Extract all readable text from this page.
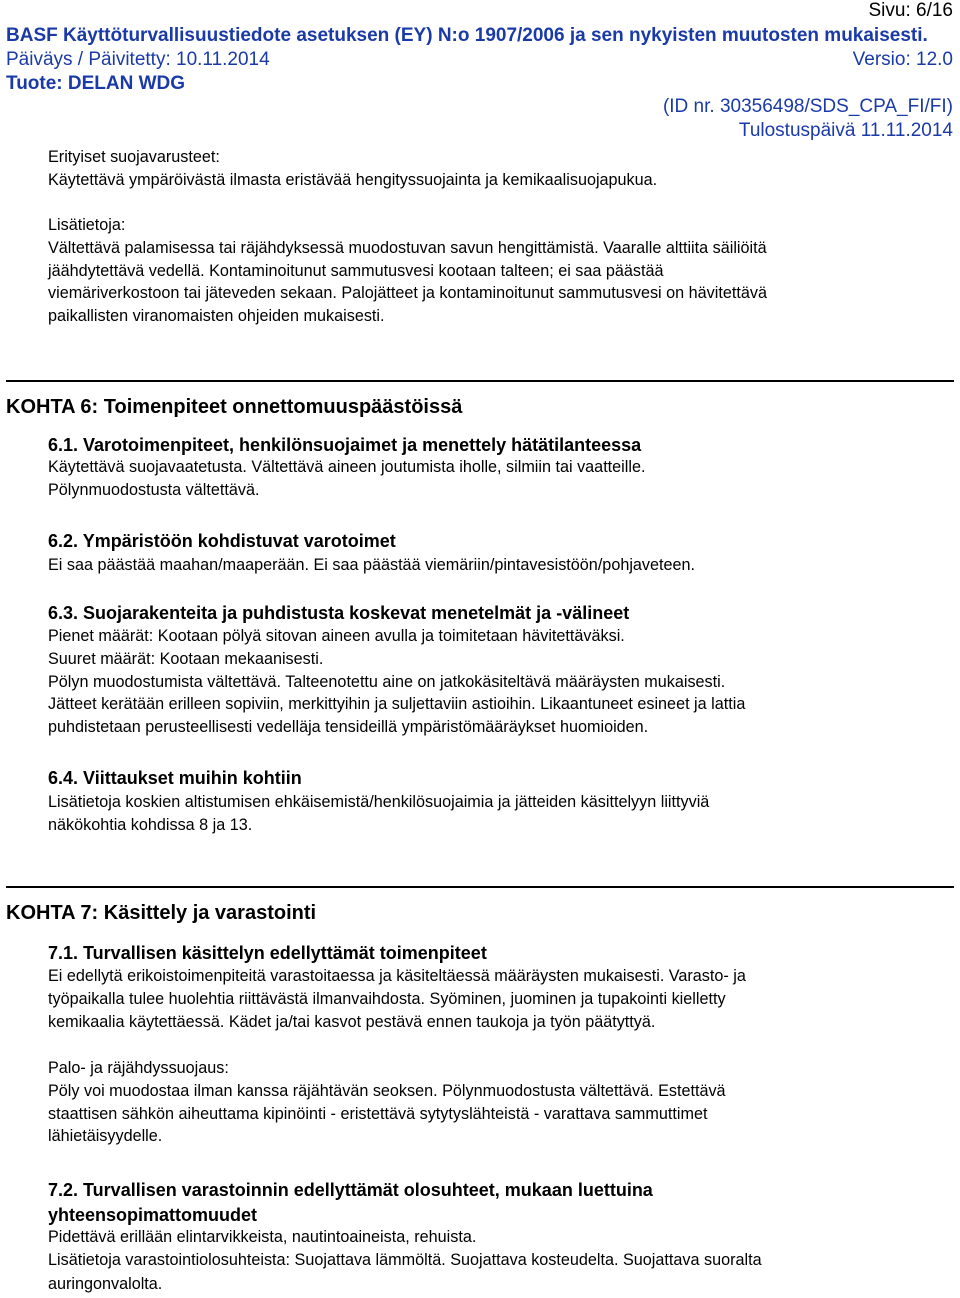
Sivu: 6/16
BASF Käyttöturvallisuustiedote asetuksen (EY) N:o 1907/2006 ja sen nykyisten muutosten mukaisesti.
Päiväys / Päivitetty: 10.11.2014	Versio: 12.0
Tuote: DELAN WDG
(ID nr. 30356498/SDS_CPA_FI/FI)
Tulostuspäivä 11.11.2014
Erityiset suojavarusteet:
Käytettävä ympäröivästä ilmasta eristävää hengityssuojainta ja kemikaalisuojapukua.
Lisätietoja:
Vältettävä palamisessa tai räjähdyksessä muodostuvan savun hengittämistä. Vaaralle alttiita säiliöitä
jäähdytettävä vedellä. Kontaminoitunut sammutusvesi kootaan talteen; ei saa päästää
viemäriverkostoon tai jäteveden sekaan. Palojätteet ja kontaminoitunut sammutusvesi on hävitettävä
paikallisten viranomaisten ohjeiden mukaisesti.
KOHTA 6: Toimenpiteet onnettomuuspäästöissä
6.1. Varotoimenpiteet, henkilönsuojaimet ja menettely hätätilanteessa
Käytettävä suojavaatetusta. Vältettävä aineen joutumista iholle, silmiin tai vaatteille.
Pölynmuodostusta vältettävä.
6.2. Ympäristöön kohdistuvat varotoimet
Ei saa päästää maahan/maaperään. Ei saa päästää viemäriin/pintavesistöön/pohjaveteen.
6.3. Suojarakenteita ja puhdistusta koskevat menetelmät ja -välineet
Pienet määrät: Kootaan pölyä sitovan aineen avulla ja toimitetaan hävitettäväksi.
Suuret määrät: Kootaan mekaanisesti.
Pölyn muodostumista vältettävä. Talteenotettu aine on jatkokäsiteltävä määräysten mukaisesti.
Jätteet kerätään erilleen sopiviin, merkittyihin ja suljettaviin astioihin. Likaantuneet esineet ja lattia
puhdistetaan perusteellisesti vedelläja tensideillä ympäristömääräykset huomioiden.
6.4. Viittaukset muihin kohtiin
Lisätietoja koskien altistumisen ehkäisemistä/henkilösuojaimia ja jätteiden käsittelyyn liittyviä
näkökohtia kohdissa 8 ja 13.
KOHTA 7: Käsittely ja varastointi
7.1. Turvallisen käsittelyn edellyttämät toimenpiteet
Ei edellytä erikoistoimenpiteitä varastoitaessa ja käsiteltäessä määräysten mukaisesti. Varasto- ja
työpaikalla tulee huolehtia riittävästä ilmanvaihdosta. Syöminen, juominen ja tupakointi kielletty
kemikaalia käytettäessä. Kädet ja/tai kasvot pestävä ennen taukoja ja työn päätyttyä.
Palo- ja räjähdyssuojaus:
Pöly voi muodostaa ilman kanssa räjähtävän seoksen. Pölynmuodostusta vältettävä. Estettävä
staattisen sähkön aiheuttama kipinöinti - eristettävä sytytyslähteistä - varattava sammuttimet
lähietäisyydelle.
7.2. Turvallisen varastoinnin edellyttämät olosuhteet, mukaan luettuina
yhteensopimattomuudet
Pidettävä erillään elintarvikkeista, nautintoaineista, rehuista.
Lisätietoja varastointiolosuhteista: Suojattava lämmöltä. Suojattava kosteudelta. Suojattava suoralta
auringonvalolta.
